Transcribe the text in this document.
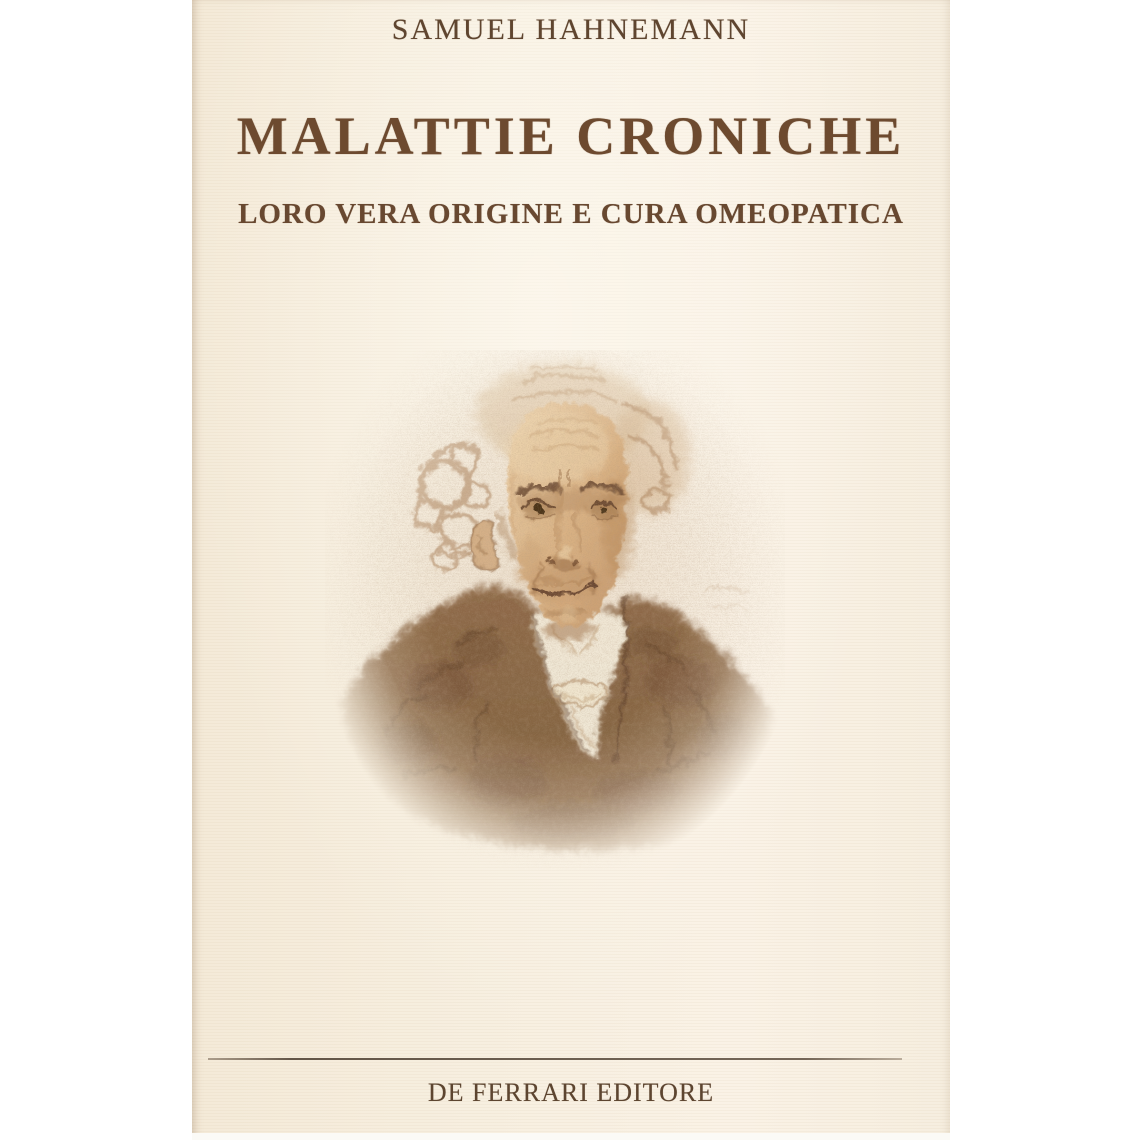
SAMUEL HAHNEMANN
MALATTIE CRONICHE
LORO VERA ORIGINE E CURA OMEOPATICA
DE FERRARI EDITORE
